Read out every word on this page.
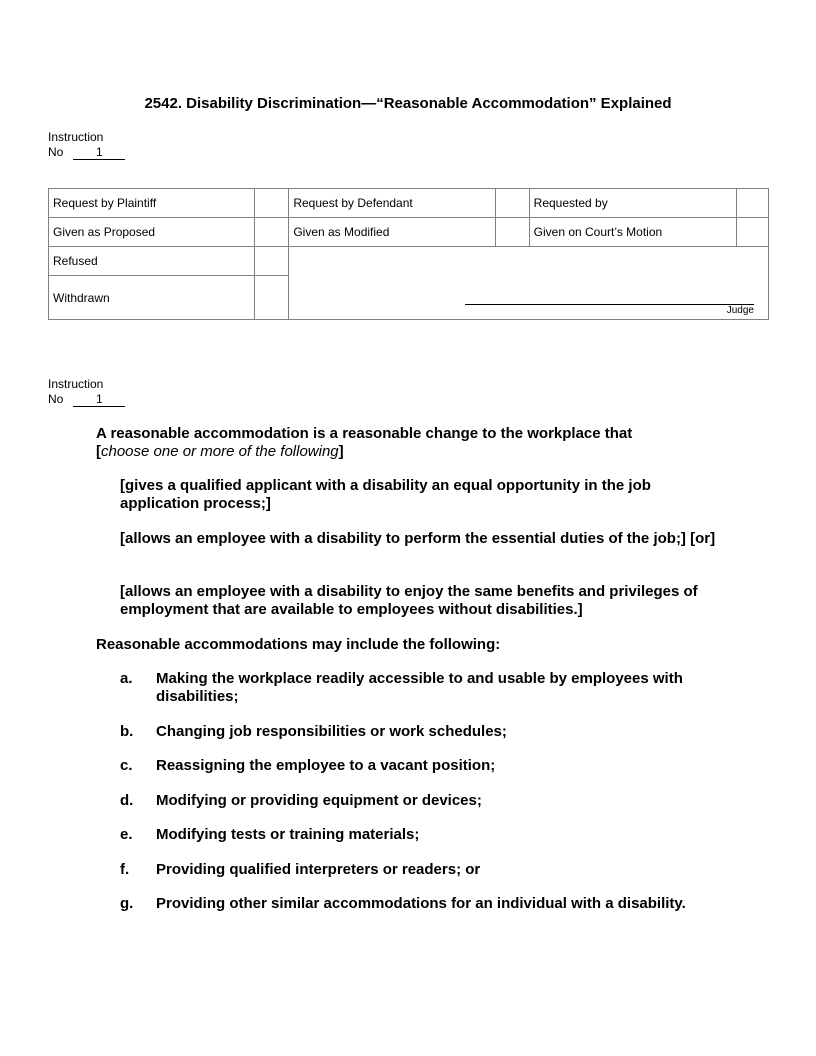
2542. Disability Discrimination—“Reasonable Accommodation” Explained
Instruction
No	1
Request by Plaintiff		Request by Defendant		Requested by	
Given as Proposed		Given as Modified		Given on Court’s Motion	
Refused		Judge			

Withdrawn					
Instruction
No	1

A reasonable accommodation is a reasonable change to the workplace that

[choose one or more of the following]

[gives a qualified applicant with a disability an equal opportunity in the job application process;]
[allows an employee with a disability to perform the essential duties of the job;] [or]
[allows an employee with a disability to enjoy the same benefits and privileges of employment that are available to employees without disabilities.]
Reasonable accommodations may include the following:
a. Making the workplace readily accessible to and usable by employees with disabilities;
b. Changing job responsibilities or work schedules;
c. Reassigning the employee to a vacant position;
d. Modifying or providing equipment or devices;
e. Modifying tests or training materials;
f. Providing qualified interpreters or readers; or
g. Providing other similar accommodations for an individual with a disability.
